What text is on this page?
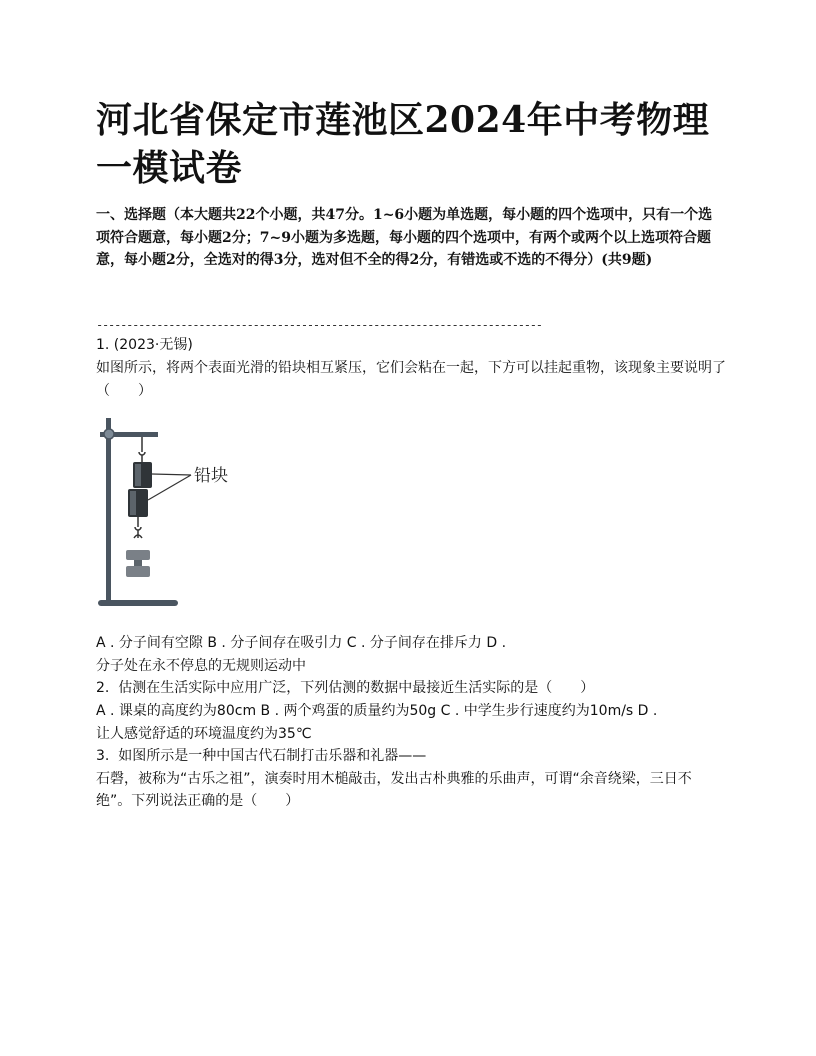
河北省保定市莲池区2024年中考物理一模试卷

一、选择题（本大题共22个小题，共47分。1~6小题为单选题，每小题的四个选项中，只有一个选项符合题意，每小题2分；7~9小题为多选题，每小题的四个选项中，有两个或两个以上选项符合题意，每小题2分，全选对的得3分，选对但不全的得2分，有错选或不选的不得分）(共9题)

--------------------------------------------------------------------------

1. (2023·无锡)

如图所示，将两个表面光滑的铅块相互紧压，它们会粘在一起，下方可以挂起重物，该现象主要说明了（　　）

铅块

A . 分子间有空隙 B . 分子间存在吸引力 C . 分子间存在排斥力 D .
分子处在永不停息的无规则运动中

2.  估测在生活实际中应用广泛，下列估测的数据中最接近生活实际的是（　　）

A . 课桌的高度约为80cm B . 两个鸡蛋的质量约为50g C . 中学生步行速度约为10m/s D .
让人感觉舒适的环境温度约为35℃

3.  如图所示是一种中国古代石制打击乐器和礼器——
石磬，被称为“古乐之祖”，演奏时用木槌敲击，发出古朴典雅的乐曲声，可谓“余音绕梁，三日不绝”。下列说法正确的是（　　）
